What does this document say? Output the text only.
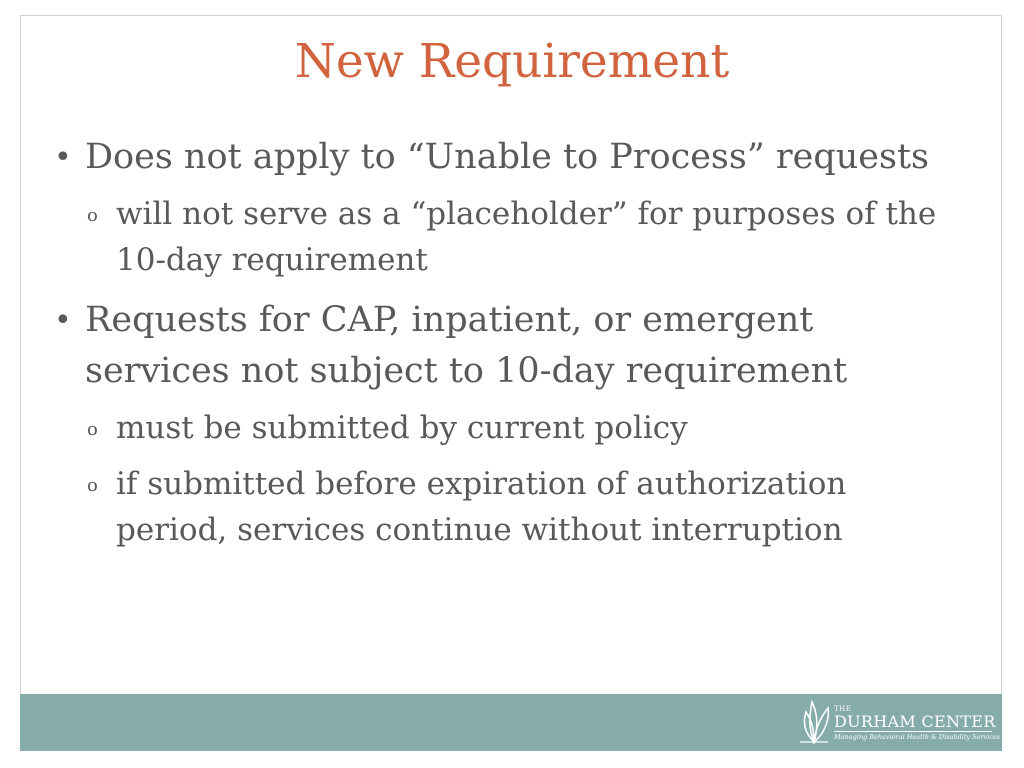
New Requirement
• Does not apply to “Unable to Process” requests
o will not serve as a “placeholder” for purposes of the 10-day requirement
• Requests for CAP, inpatient, or emergent services not subject to 10-day requirement
o must be submitted by current policy
o if submitted before expiration of authorization period, services continue without interruption
THE
DURHAM CENTER
Managing Behavioral Health & Disability Services
